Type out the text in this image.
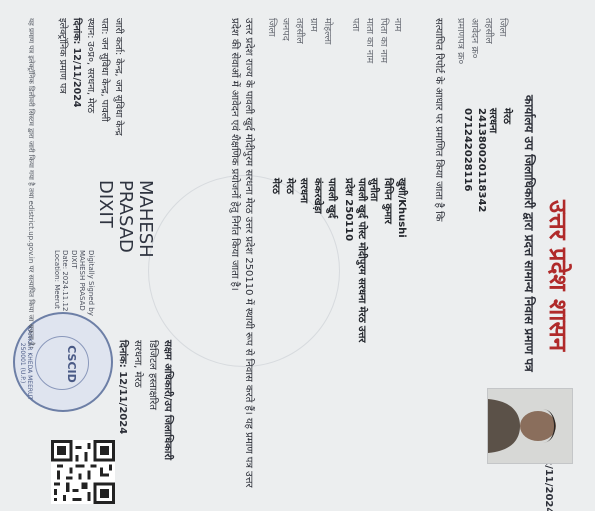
उत्तर प्रदेश शासन
कार्यालय उप जिलाधिकारी द्वारा प्रदत्त सामान्य निवास प्रमाण पत्र
जिला
मेरठ
तहसील
सरधना
आवेदन क्र०
241380020118342
प्रमाणपत्र क्र०
071242028116
सत्यापित रिपोर्ट के आधार पर प्रमाणित किया जाता है कि
नाम
खुशी/Khushi
पिता का नाम
विपिन कुमार
माता का नाम
सुनीता
पता
पावली खुर्द पोस्ट मोदीपुरम सरधना मेरठ उत्तर प्रदेश 250110
मोहल्ला
पावली खुर्द
ग्राम
कंकरखेड़ा
तहसील
सरधना
जनपद
मेरठ
जिला
मेरठ
उत्तर प्रदेश राज्य के पावली खुर्द मोदीपुरम सरधना मेरठ उत्तर प्रदेश 250110 में स्थायी रूप से निवास करते हैं। यह प्रमाण पत्र उत्तर प्रदेश की सेवाओं में आवेदन एवं शैक्षणिक प्रयोजनों हेतु निर्गत किया जाता है।
सक्षम अधिकारी/उप जिलाधिकारी
डिजिटल हस्ताक्षरित
सरधना, मेरठ
दिनांक: 12/11/2024
MAHESH PRASAD DIXIT
Digitally Signed by
MAHESH PRASAD
DIXIT
Date: 2024.11.12
Location: Meerut
CSCID
KANKAR KHEDA MEERUT 250001 (U.P.)
जारी कर्ता: केन्द्र, जन सुविधा केन्द्र
पता: जन सुविधा केन्द्र, पावली
स्थान: उ०प्र०, सरधना, मेरठ
दिनांक: 12/11/2024
इलेक्ट्रॉनिक प्रमाण पत्र
यह प्रमाण पत्र इलेक्ट्रॉनिक डिलीवरी सिस्टम द्वारा जारी किया गया है तथा edistrict.up.gov.in पर सत्यापित किया जा सकता है।
